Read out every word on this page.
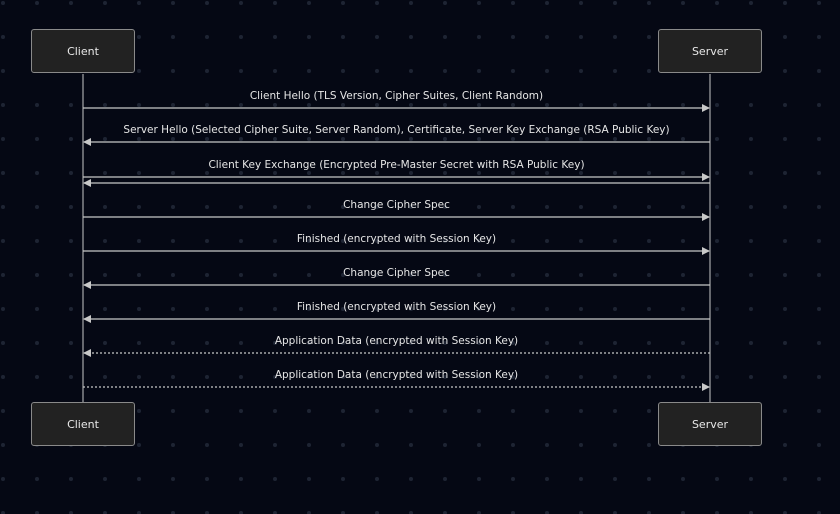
Client Hello (TLS Version, Cipher Suites, Client Random)
Server Hello (Selected Cipher Suite, Server Random), Certificate, Server Key Exchange (RSA Public Key)
Client Key Exchange (Encrypted Pre-Master Secret with RSA Public Key)
Change Cipher Spec
Finished (encrypted with Session Key)
Change Cipher Spec
Finished (encrypted with Session Key)
Application Data (encrypted with Session Key)
Application Data (encrypted with Session Key)
Client	Server
Client	Server
